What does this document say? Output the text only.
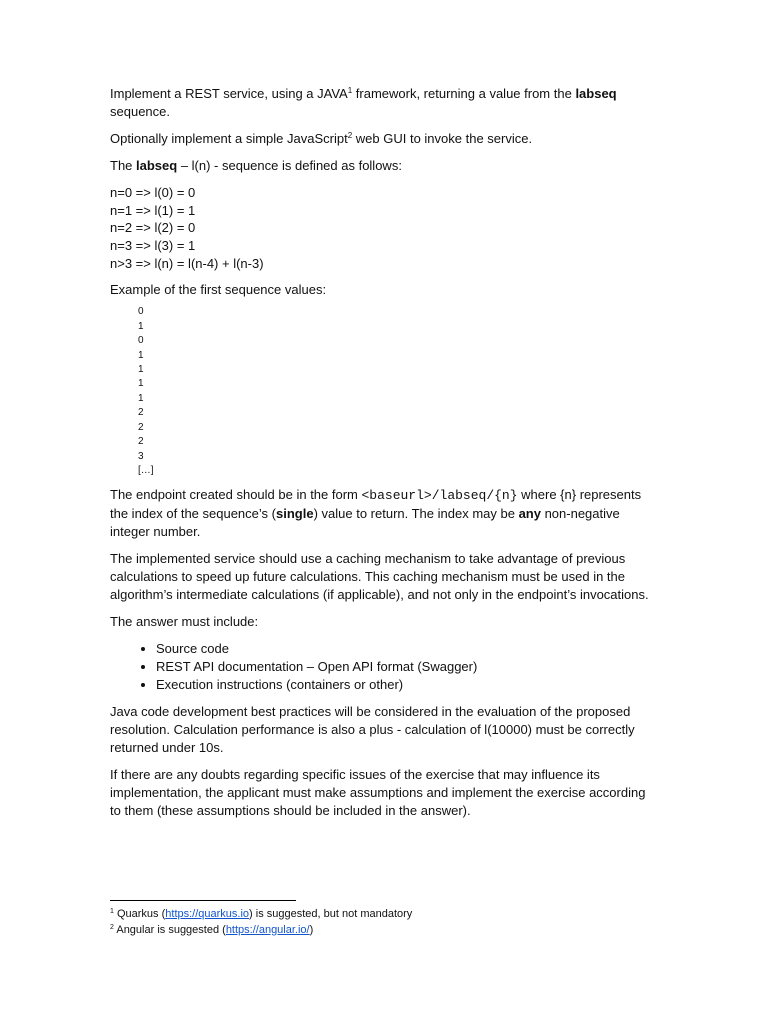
Implement a REST service, using a JAVA$^1$ framework, returning a value from the labseq sequence.

Optionally implement a simple JavaScript$^2$ web GUI to invoke the service.

The labseq – l(n) - sequence is defined as follows:

n=0 => l(0) = 0
n=1 => l(1) = 1
n=2 => l(2) = 0
n=3 => l(3) = 1
n>3 => l(n) = l(n-4) + l(n-3)

Example of the first sequence values:

0
1
0
1
1
1
1
2
2
2
3
[…]

The endpoint created should be in the form <baseurl>/labseq/{n} where {n} represents the index of the sequence’s (single) value to return. The index may be any non-negative integer number.

The implemented service should use a caching mechanism to take advantage of previous calculations to speed up future calculations. This caching mechanism must be used in the algorithm’s intermediate calculations (if applicable), and not only in the endpoint’s invocations.

The answer must include:

• Source code
• REST API documentation – Open API format (Swagger)
• Execution instructions (containers or other)

Java code development best practices will be considered in the evaluation of the proposed resolution. Calculation performance is also a plus - calculation of l(10000) must be correctly returned under 10s.

If there are any doubts regarding specific issues of the exercise that may influence its implementation, the applicant must make assumptions and implement the exercise according to them (these assumptions should be included in the answer).

$^1$ Quarkus (https://quarkus.io) is suggested, but not mandatory
$^2$ Angular is suggested (https://angular.io/)
